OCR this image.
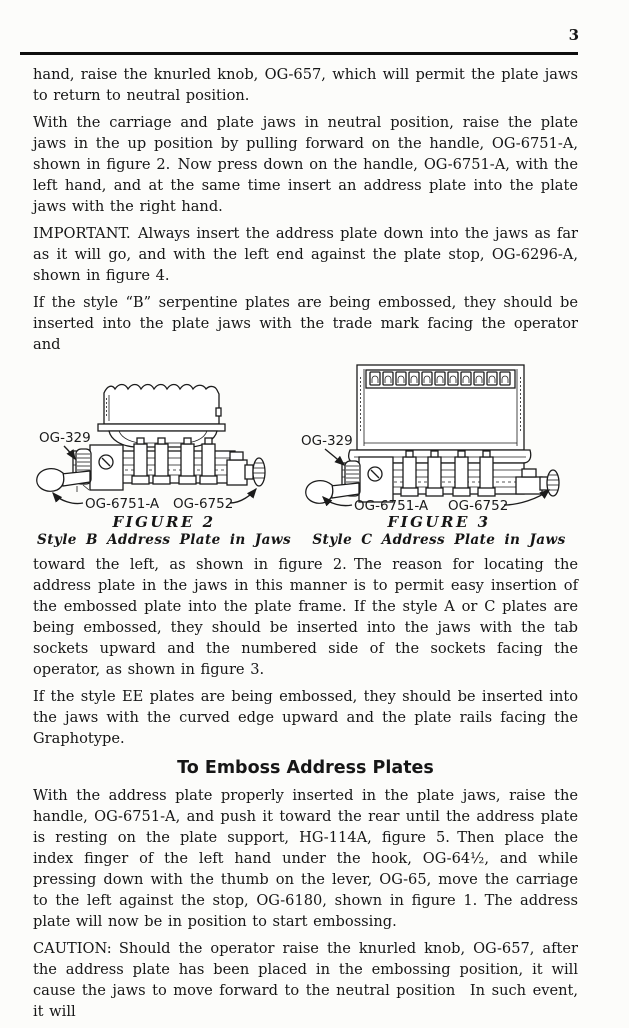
3

hand, raise the knurled knob, OG-657, which will permit the plate jaws to return to neutral position.

With the carriage and plate jaws in neutral position, raise the plate jaws in the up position by pulling forward on the handle, OG-6751-A, shown in figure 2. Now press down on the handle, OG-6751-A, with the left hand, and at the same time insert an address plate into the plate jaws with the right hand.

IMPORTANT. Always insert the address plate down into the jaws as far as it will go, and with the left end against the plate stop, OG-6296-A, shown in figure 4.

If the style “B” serpentine plates are being embossed, they should be inserted into the plate jaws with the trade mark facing the operator and

OG-329
OG-6751-A OG-6752
FIGURE 2
Style B Address Plate in Jaws
OG-329
OG-6751-A OG-6752
FIGURE 3
Style C Address Plate in Jaws

toward the left, as shown in figure 2. The reason for locating the address plate in the jaws in this manner is to permit easy insertion of the embossed plate into the plate frame. If the style A or C plates are being embossed, they should be inserted into the jaws with the tab sockets upward and the numbered side of the sockets facing the operator, as shown in figure 3.

If the style EE plates are being embossed, they should be inserted into the jaws with the curved edge upward and the plate rails facing the Graphotype.

To Emboss Address Plates

With the address plate properly inserted in the plate jaws, raise the handle, OG-6751-A, and push it toward the rear until the address plate is resting on the plate support, HG-114A, figure 5. Then place the index finger of the left hand under the hook, OG-64½, and while pressing down with the thumb on the lever, OG-65, move the carriage to the left against the stop, OG-6180, shown in figure 1. The address plate will now be in position to start embossing.

CAUTION: Should the operator raise the knurled knob, OG-657, after the address plate has been placed in the embossing position, it will cause the jaws to move forward to the neutral position In such event, it will
